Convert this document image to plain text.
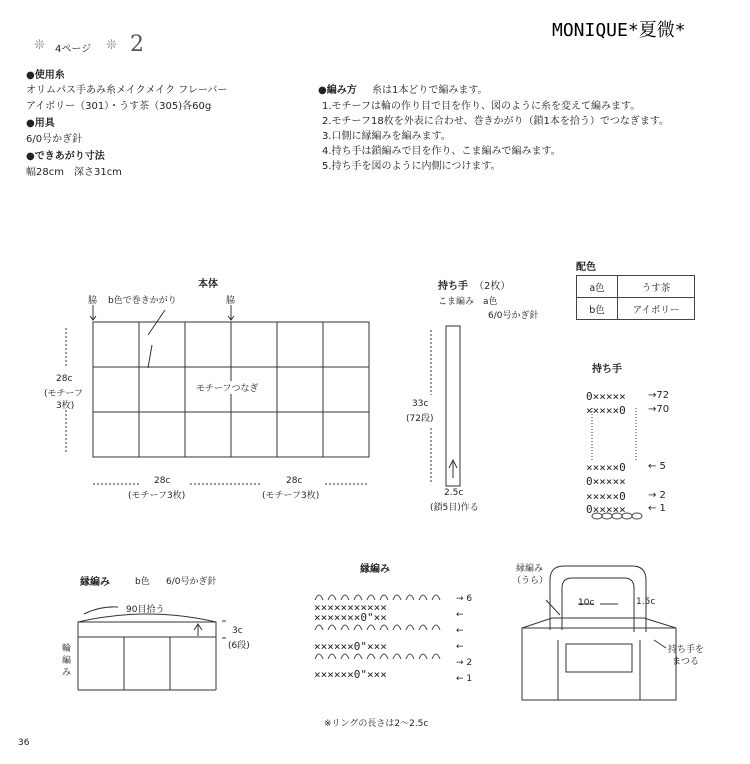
❊ 4ページ ❊ 2
MONIQUE*夏微*
●使用糸
オリムパス手あみ糸メイクメイク フレーバー
アイボリー（301）・うす茶（305)各60g
●用具
6/0号かぎ針
●できあがり寸法
幅28cm　深さ31cm
●編み方 糸は1本どりで編みます。
1.モチーフは輪の作り目で目を作り、図のように糸を変えて編みます。
2.モチーフ18枚を外表に合わせ、巻きかがり（鎖1本を拾う）でつなぎます。
3.口側に縁編みを編みます。
4.持ち手は鎖編みで目を作り、こま編みで編みます。
5.持ち手を図のように内側につけます。
本体
脇 b色で巻きかがり	脇
モチーフつなぎ
28c
(モチーフ
3枚)
28c
(モチーフ3枚)
28c
(モチーフ3枚)
持ち手 （2枚）
こま編み　a色
6/0号かぎ針
33c
(72段)
2.5c
(鎖5目)作る
配色
a色	うす茶
b色	アイボリー
持ち手
0××××× →72
×××××0 →70
×××××0 ← 5
0×××××
×××××0 → 2
0××××× ← 1
縁編み	b色 6/0号かぎ針
90目拾う
輪
編
み
3c
(6段)
縁編み
×××××××××××
××××××0"×××
××××××0"×××
×××××××0"××
→ 6
←
←
←
→ 2
← 1
※リングの長さは2〜2.5c
縁編み
（うら）
10c	1.5c
持ち手を
まつる
36
